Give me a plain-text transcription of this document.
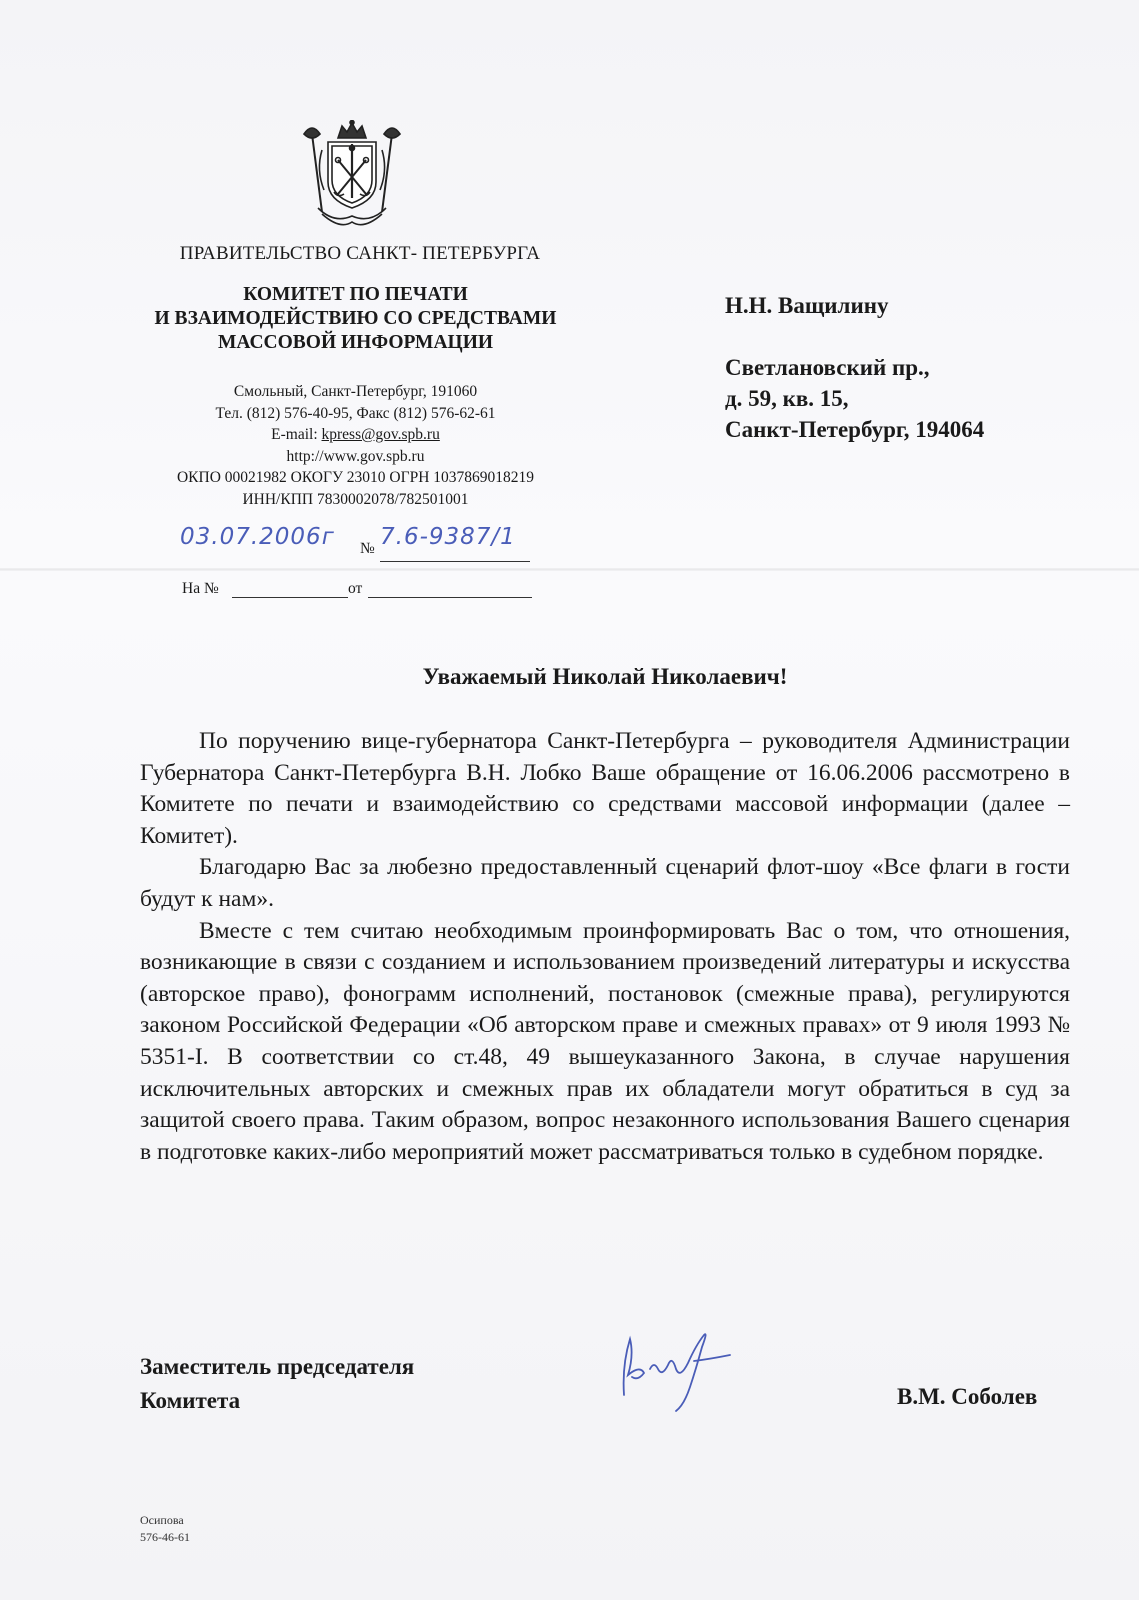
ПРАВИТЕЛЬСТВО САНКТ- ПЕТЕРБУРГА
КОМИТЕТ ПО ПЕЧАТИ
И ВЗАИМОДЕЙСТВИЮ СО СРЕДСТВАМИ
МАССОВОЙ ИНФОРМАЦИИ
Смольный, Санкт-Петербург, 191060
Тел. (812) 576-40-95, Факс (812) 576-62-61
E-mail: kpress@gov.spb.ru
http://www.gov.spb.ru
ОКПО 00021982 ОКОГУ 23010 ОГРН 1037869018219
ИНН/КПП 7830002078/782501001
03.07.2006г № 7.6-9387/1
На №	от
Н.Н. Ващилину
Светлановский пр.,
д. 59, кв. 15,
Санкт-Петербург, 194064
Уважаемый Николай Николаевич!

По поручению вице-губернатора Санкт-Петербурга – руководителя Администрации Губернатора Санкт-Петербурга В.Н. Лобко Ваше обращение от 16.06.2006 рассмотрено в Комитете по печати и взаимодействию со средствами массовой информации (далее – Комитет).

Благодарю Вас за любезно предоставленный сценарий флот-шоу «Все флаги в гости будут к нам».

Вместе с тем считаю необходимым проинформировать Вас о том, что отношения, возникающие в связи с созданием и использованием произведений литературы и искусства (авторское право), фонограмм исполнений, постановок (смежные права), регулируются законом Российской Федерации «Об авторском праве и смежных правах» от 9 июля 1993 № 5351-I. В соответствии со ст.48, 49 вышеуказанного Закона, в случае нарушения исключительных авторских и смежных прав их обладатели могут обратиться в суд за защитой своего права. Таким образом, вопрос незаконного использования Вашего сценария в подготовке каких-либо мероприятий может рассматриваться только в судебном порядке.

Заместитель председателя
Комитета	В.М. Соболев
Осипова
576-46-61
